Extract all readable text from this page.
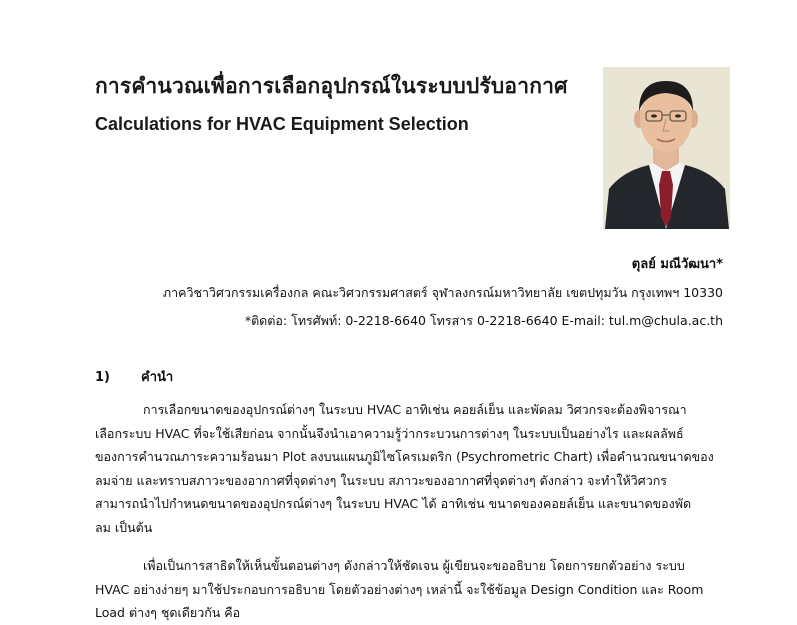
การคำนวณเพื่อการเลือกอุปกรณ์ในระบบปรับอากาศ
Calculations for HVAC Equipment Selection
ตุลย์ มณีวัฒนา*
ภาควิชาวิศวกรรมเครื่องกล คณะวิศวกรรมศาสตร์ จุฬาลงกรณ์มหาวิทยาลัย เขตปทุมวัน กรุงเทพฯ 10330
*ติดต่อ: โทรศัพท์: 0-2218-6640 โทรสาร 0-2218-6640 E-mail: tul.m@chula.ac.th
1) คำนำ
การเลือกขนาดของอุปกรณ์ต่างๆ ในระบบ HVAC อาทิเช่น คอยล์เย็น และพัดลม วิศวกรจะต้องพิจารณา
เลือกระบบ HVAC ที่จะใช้เสียก่อน จากนั้นจึงนำเอาความรู้ว่ากระบวนการต่างๆ ในระบบเป็นอย่างไร และผลลัพธ์
ของการคำนวณภาระความร้อนมา Plot ลงบนแผนภูมิไซโครเมตริก (Psychrometric Chart) เพื่อคำนวณขนาดของ
ลมจ่าย และทราบสภาวะของอากาศที่จุดต่างๆ ในระบบ สภาวะของอากาศที่จุดต่างๆ ดังกล่าว จะทำให้วิศวกร
สามารถนำไปกำหนดขนาดของอุปกรณ์ต่างๆ ในระบบ HVAC ได้ อาทิเช่น ขนาดของคอยล์เย็น และขนาดของพัด
ลม เป็นต้น
เพื่อเป็นการสาธิตให้เห็นขั้นตอนต่างๆ ดังกล่าวให้ชัดเจน ผู้เขียนจะขออธิบาย โดยการยกตัวอย่าง ระบบ
HVAC อย่างง่ายๆ มาใช้ประกอบการอธิบาย โดยตัวอย่างต่างๆ เหล่านี้ จะใช้ข้อมูล Design Condition และ Room
Load ต่างๆ ชุดเดียวกัน คือ
